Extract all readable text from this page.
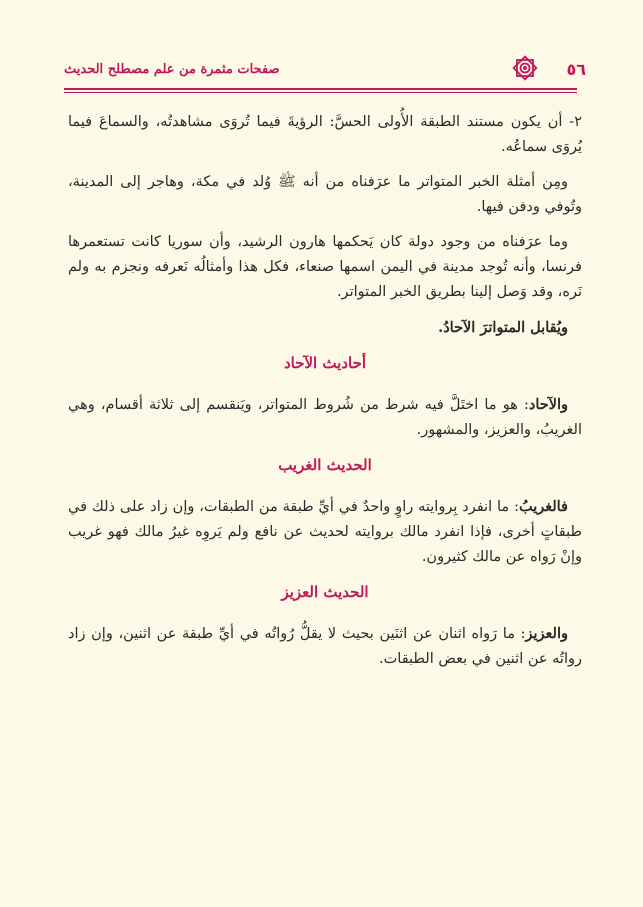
٥٦
صفحات مثمرة من علم مصطلح الحديث

٢- أن يكون مستند الطبقة الأُولى الحسَّ: الرؤيةَ فيما تُروَى مشاهدتُه، والسماعَ فيما يُروَى سماعُه.

ومِن أمثلة الخبر المتواتر ما عرَفناه من أنه ﷺ وُلد في مكة، وهاجر إلى المدينة، وتُوفي ودفن فيها.

وما عرَفناه من وجود دولة كان يَحكمها هارون الرشيد، وأن سوريا كانت تستعمرها فرنسا، وأنه تُوجد مدينة في اليمن اسمها صنعاء، فكل هذا وأمثالُه نَعرفه ونجزم به ولم نَره، وقد وَصل إلينا بطريق الخبر المتواتر.

ويُقابل المتواترَ الآحادُ.

أحاديث الآحاد

والآحاد: هو ما اختَلَّ فيه شرط من شُروط المتواتر، ويَنقسم إلى ثلاثة أقسام، وهي الغريبُ، والعزيز، والمشهور.

الحديث الغريب

فالغريبُ: ما انفرد بِروايته راوٍ واحدٌ في أيِّ طبقة من الطبقات، وإن زاد على ذلك في طبقاتٍ أخرى، فإذا انفرد مالك بروايته لحديث عن نافع ولم يَروِه غيرُ مالك فهو غريب وإنْ رَواه عن مالك كثيرون.

الحديث العزيز

والعزيز: ما رَواه اثنان عن اثنَين بحيث لا يقلُّ رُواتُه في أيِّ طبقة عن اثنين، وإن زاد رواتُه عن اثنين في بعض الطبقات.
